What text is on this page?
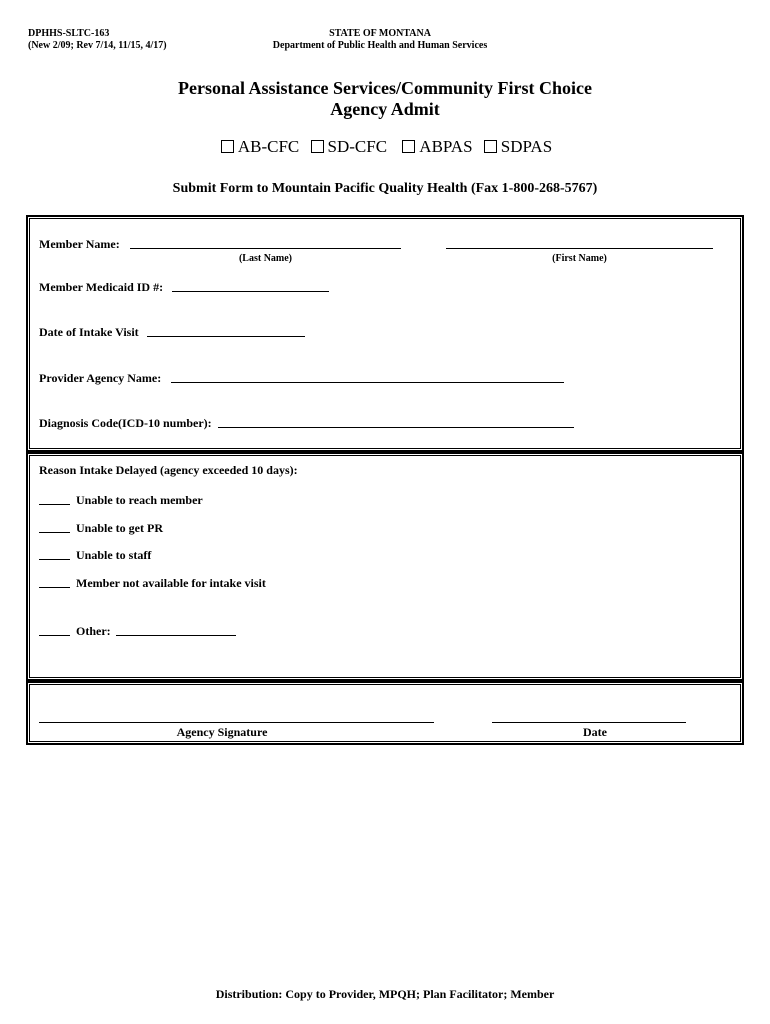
DPHHS-SLTC-163
(New 2/09; Rev 7/14, 11/15, 4/17)
STATE OF MONTANA
Department of Public Health and Human Services
Personal Assistance Services/Community First Choice
Agency Admit
AB-CFC SD-CFC ABPAS SDPAS
Submit Form to Mountain Pacific Quality Health (Fax 1-800-268-5767)
Member Name:
(Last Name)	(First Name)
Member Medicaid ID #:
Date of Intake Visit
Provider Agency Name:
Diagnosis Code(ICD-10 number):
Reason Intake Delayed (agency exceeded 10 days):
Unable to reach member
Unable to get PR
Unable to staff
Member not available for intake visit
Other:
Agency Signature	Date
Distribution: Copy to Provider, MPQH; Plan Facilitator; Member
